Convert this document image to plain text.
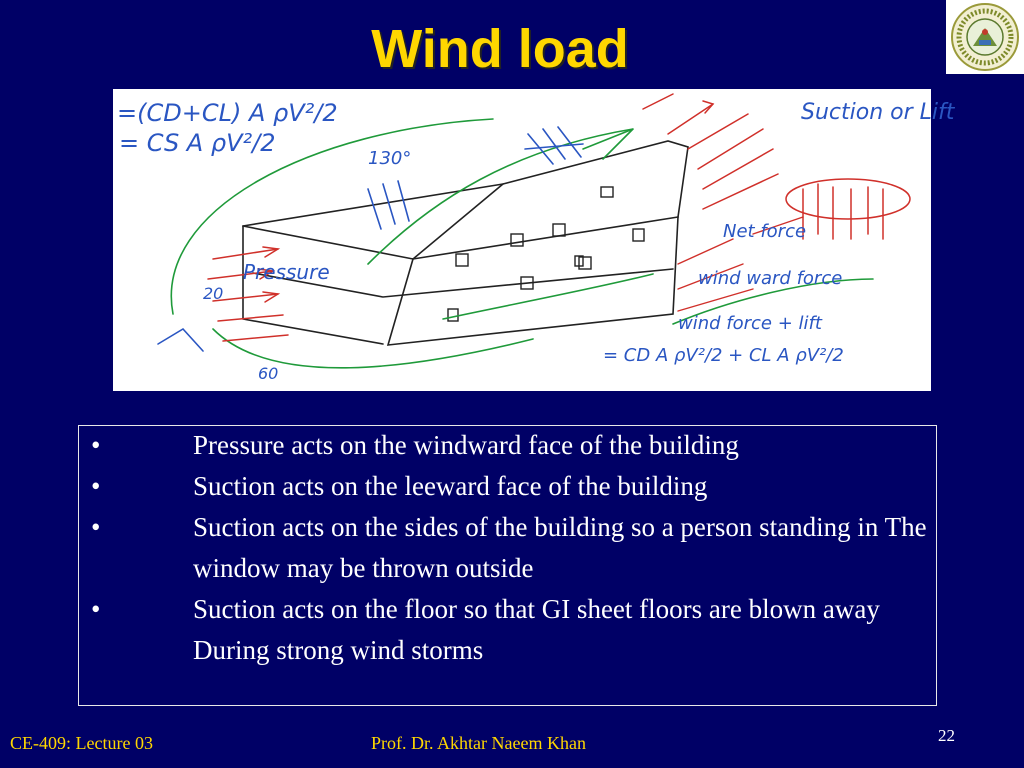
Wind load
=(CD+CL) A ρV²/2
= CS A ρV²/2
Suction or Lift
Net force
wind ward force
wind force + lift
= CD A ρV²/2 + CL A ρV²/2
Pressure
130°
60
20
•	Pressure acts on the windward face of the building
•	Suction acts on the leeward face of the building
•	Suction acts on the sides of the building so a person standing in The window may be thrown outside
•	Suction acts on the floor so that GI sheet floors are blown away During strong wind storms
CE-409: Lecture 03	Prof. Dr. Akhtar Naeem Khan	22
